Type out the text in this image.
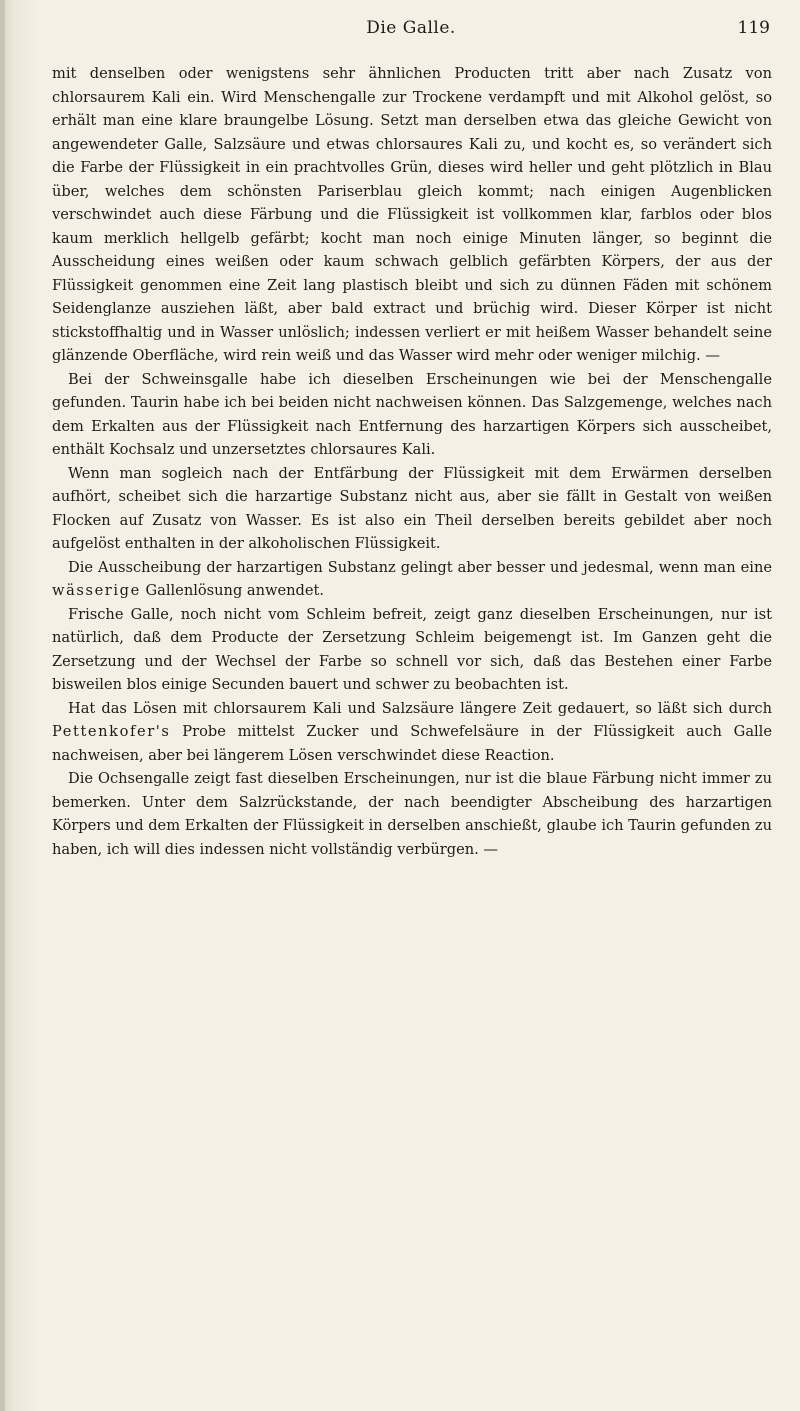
Die Galle.	119

mit denselben oder wenigstens sehr ähnlichen Producten tritt aber nach Zusatz von chlorsaurem Kali ein. Wird Menschengalle zur Trockene verdampft und mit Alkohol gelöst, so erhält man eine klare braungelbe Lösung. Setzt man derselben etwa das gleiche Gewicht von angewendeter Galle, Salzsäure und etwas chlorsaures Kali zu, und kocht es, so verändert sich die Farbe der Flüssigkeit in ein prachtvolles Grün, dieses wird heller und geht plötzlich in Blau über, welches dem schönsten Pariserblau gleich kommt; nach einigen Augenblicken verschwindet auch diese Färbung und die Flüssigkeit ist vollkommen klar, farblos oder blos kaum merklich hellgelb gefärbt; kocht man noch einige Minuten länger, so beginnt die Ausscheidung eines weißen oder kaum schwach gelblich gefärbten Körpers, der aus der Flüssigkeit genommen eine Zeit lang plastisch bleibt und sich zu dünnen Fäden mit schönem Seidenglanze ausziehen läßt, aber bald extract und brüchig wird. Dieser Körper ist nicht stickstoffhaltig und in Wasser unlöslich; indessen verliert er mit heißem Wasser behandelt seine glänzende Oberfläche, wird rein weiß und das Wasser wird mehr oder weniger milchig. —

Bei der Schweinsgalle habe ich dieselben Erscheinungen wie bei der Menschengalle gefunden. Taurin habe ich bei beiden nicht nachweisen können. Das Salzgemenge, welches nach dem Erkalten aus der Flüssigkeit nach Entfernung des harzartigen Körpers sich ausscheibet, enthält Kochsalz und unzersetztes chlorsaures Kali.

Wenn man sogleich nach der Entfärbung der Flüssigkeit mit dem Erwärmen derselben aufhört, scheibet sich die harzartige Substanz nicht aus, aber sie fällt in Gestalt von weißen Flocken auf Zusatz von Wasser. Es ist also ein Theil derselben bereits gebildet aber noch aufgelöst enthalten in der alkoholischen Flüssigkeit.

Die Ausscheibung der harzartigen Substanz gelingt aber besser und jedesmal, wenn man eine wässerige Gallenlösung anwendet.

Frische Galle, noch nicht vom Schleim befreit, zeigt ganz dieselben Erscheinungen, nur ist natürlich, daß dem Producte der Zersetzung Schleim beigemengt ist. Im Ganzen geht die Zersetzung und der Wechsel der Farbe so schnell vor sich, daß das Bestehen einer Farbe bisweilen blos einige Secunden bauert und schwer zu beobachten ist.

Hat das Lösen mit chlorsaurem Kali und Salzsäure längere Zeit gedauert, so läßt sich durch Pettenkofer's Probe mittelst Zucker und Schwefelsäure in der Flüssigkeit auch Galle nachweisen, aber bei längerem Lösen verschwindet diese Reaction.

Die Ochsengalle zeigt fast dieselben Erscheinungen, nur ist die blaue Färbung nicht immer zu bemerken. Unter dem Salzrückstande, der nach beendigter Abscheibung des harzartigen Körpers und dem Erkalten der Flüssigkeit in derselben anschießt, glaube ich Taurin gefunden zu haben, ich will dies indessen nicht vollständig verbürgen. —
